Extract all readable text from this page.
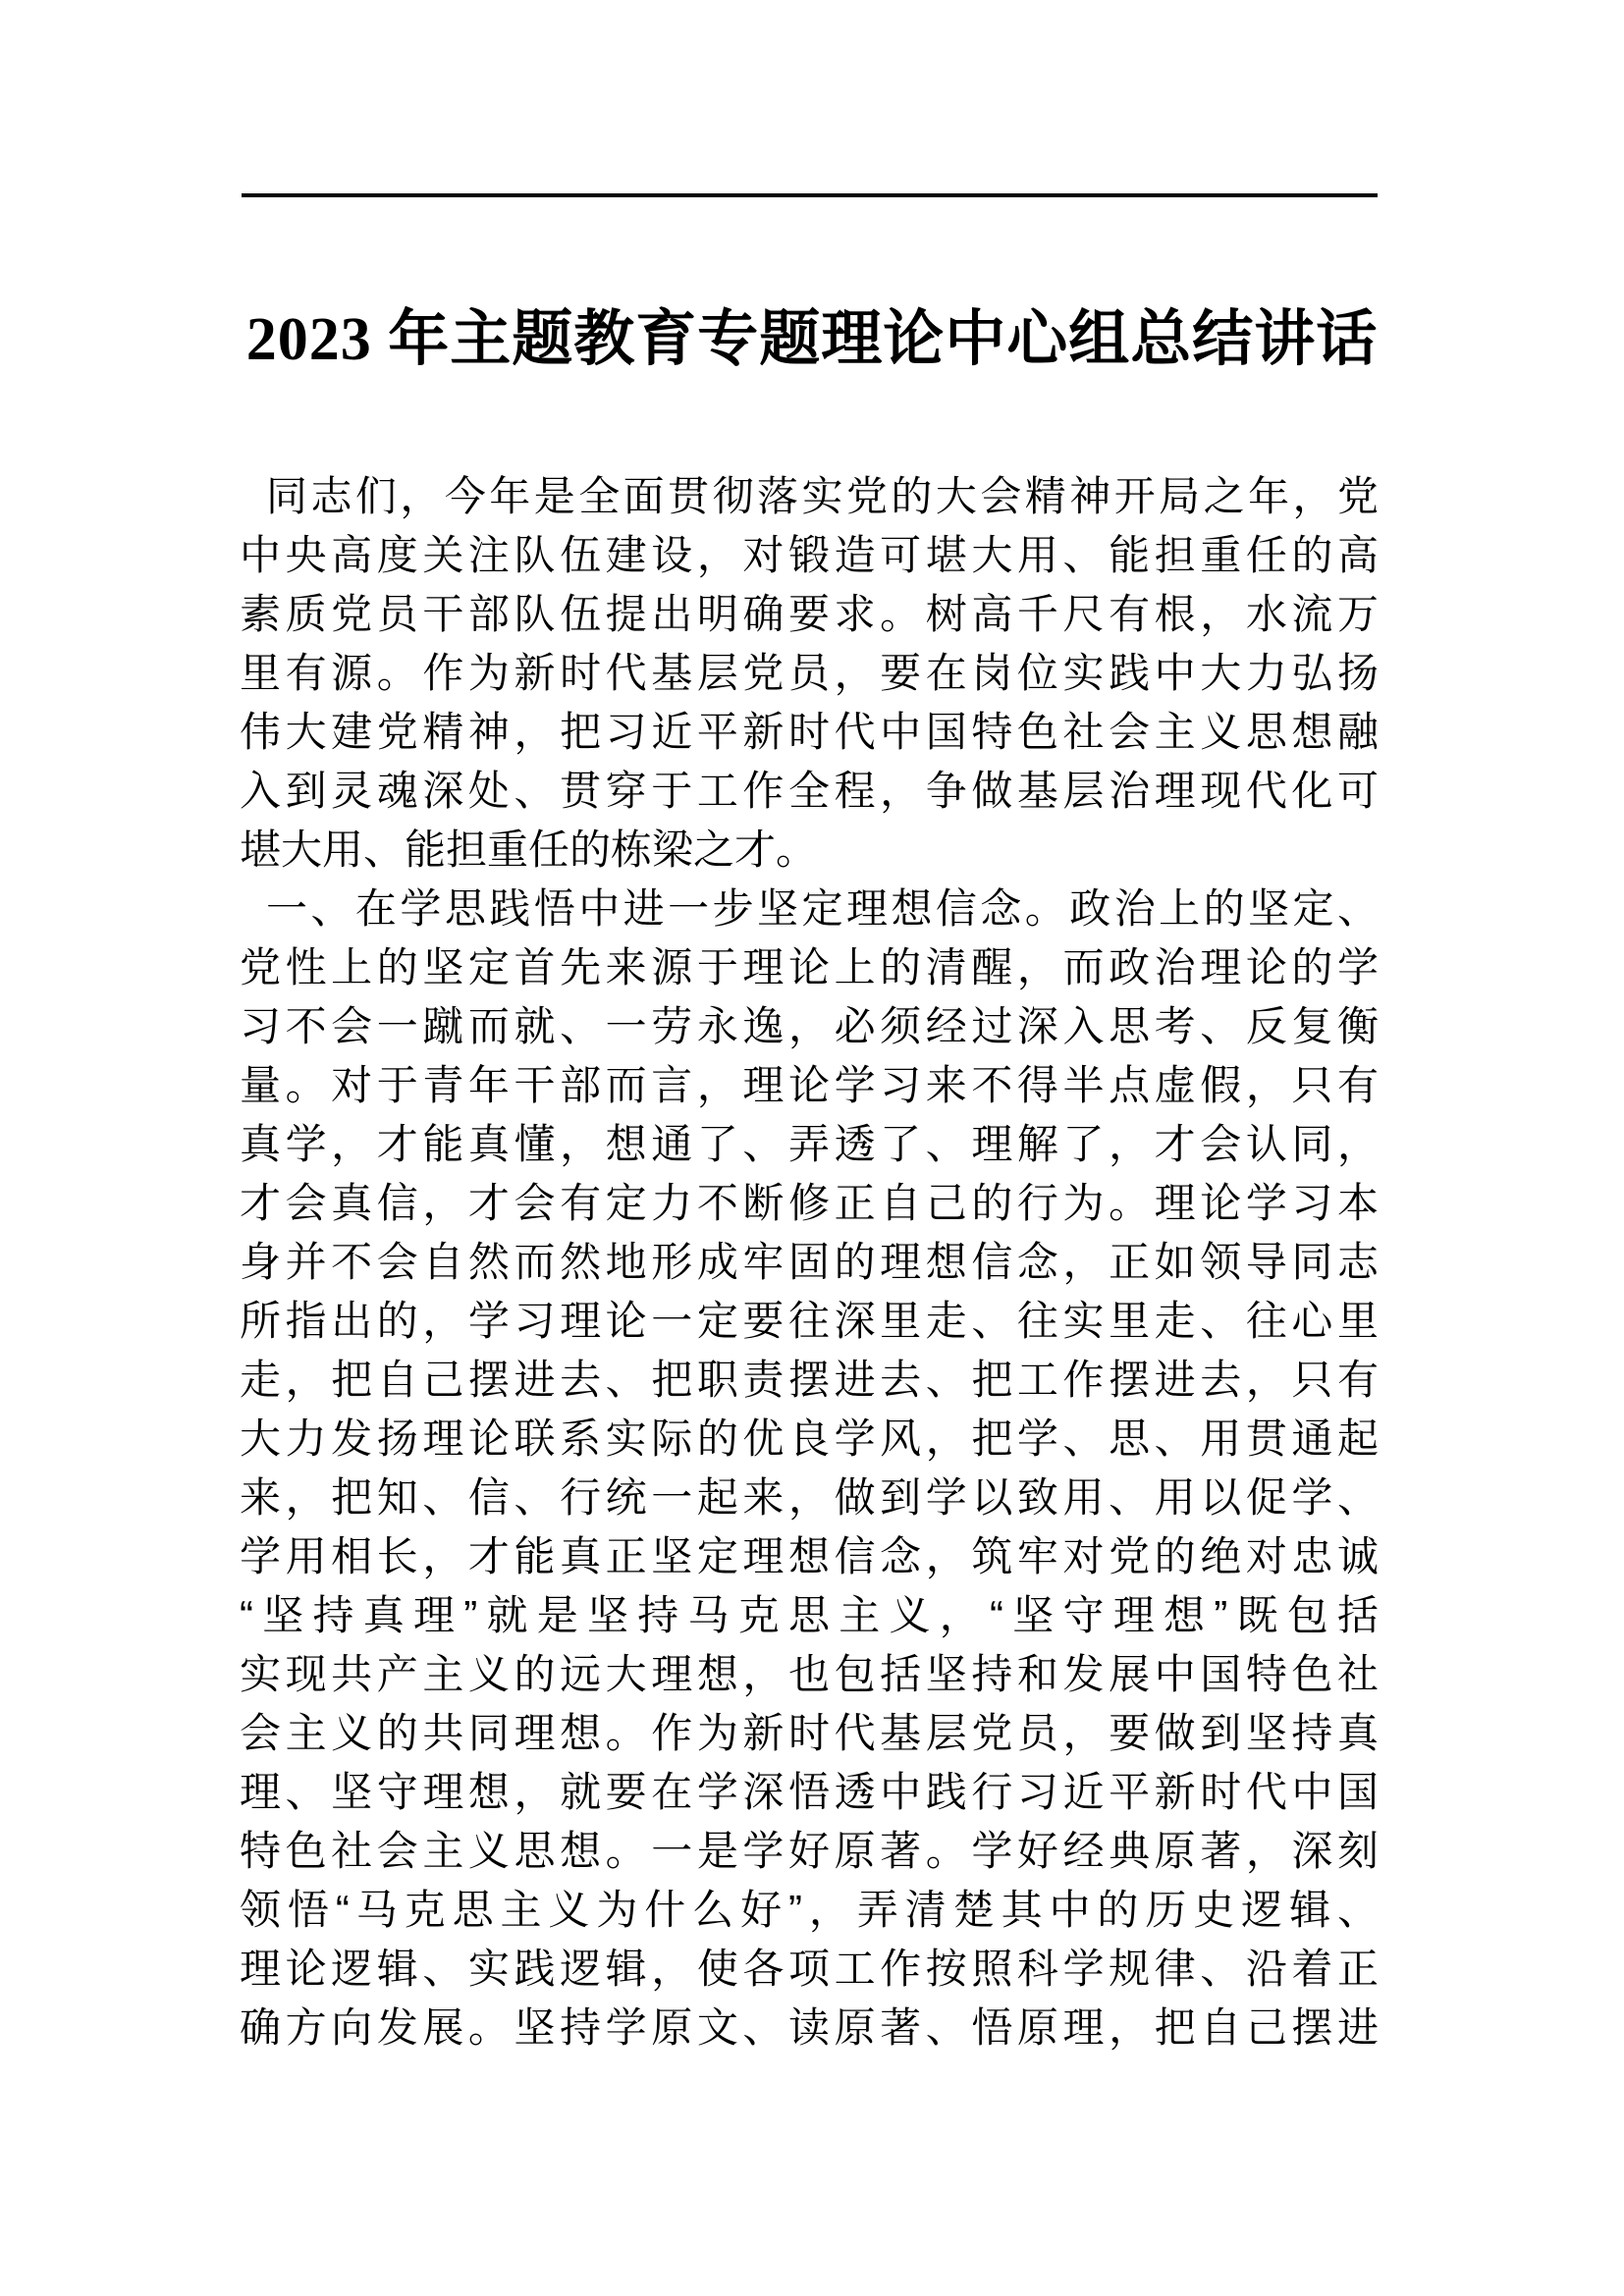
2023 年主题教育专题理论中心组总结讲话
同志们，今年是全面贯彻落实党的大会精神开局之年，党
中央高度关注队伍建设，对锻造可堪大用、能担重任的高
素质党员干部队伍提出明确要求。树高千尺有根，水流万
里有源。作为新时代基层党员，要在岗位实践中大力弘扬
伟大建党精神，把习近平新时代中国特色社会主义思想融
入到灵魂深处、贯穿于工作全程，争做基层治理现代化可
堪大用、能担重任的栋梁之才。
一、在学思践悟中进一步坚定理想信念。政治上的坚定、
党性上的坚定首先来源于理论上的清醒，而政治理论的学
习不会一蹴而就、一劳永逸，必须经过深入思考、反复衡
量。对于青年干部而言，理论学习来不得半点虚假，只有
真学，才能真懂，想通了、弄透了、理解了，才会认同，
才会真信，才会有定力不断修正自己的行为。理论学习本
身并不会自然而然地形成牢固的理想信念，正如领导同志
所指出的，学习理论一定要往深里走、往实里走、往心里
走，把自己摆进去、把职责摆进去、把工作摆进去，只有
大力发扬理论联系实际的优良学风，把学、思、用贯通起
来，把知、信、行统一起来，做到学以致用、用以促学、
学用相长，才能真正坚定理想信念，筑牢对党的绝对忠诚
“坚持真理”就是坚持马克思主义，“坚守理想”既包括
实现共产主义的远大理想，也包括坚持和发展中国特色社
会主义的共同理想。作为新时代基层党员，要做到坚持真
理、坚守理想，就要在学深悟透中践行习近平新时代中国
特色社会主义思想。一是学好原著。学好经典原著，深刻
领悟“马克思主义为什么好”，弄清楚其中的历史逻辑、
理论逻辑、实践逻辑，使各项工作按照科学规律、沿着正
确方向发展。坚持学原文、读原著、悟原理，把自己摆进
